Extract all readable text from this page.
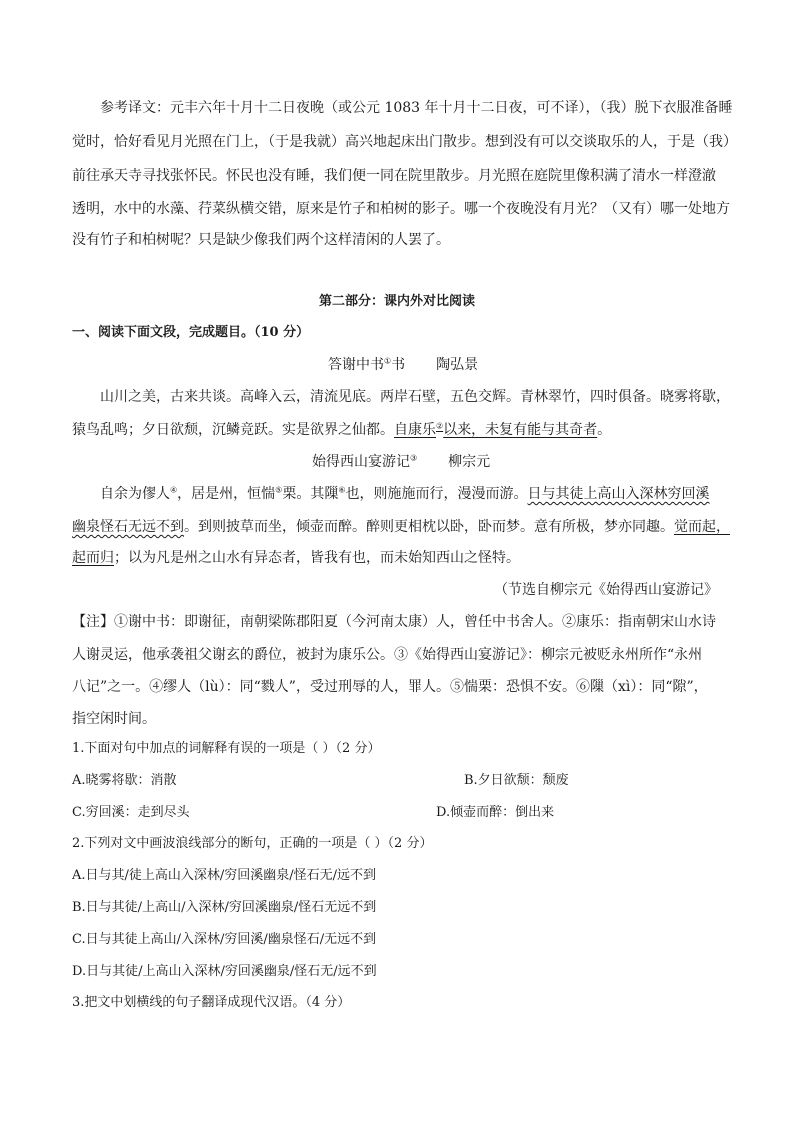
参考译文：元丰六年十月十二日夜晚（或公元 1083 年十月十二日夜，可不译），（我）脱下衣服准备睡
觉时，恰好看见月光照在门上，（于是我就）高兴地起床出门散步。想到没有可以交谈取乐的人，于是（我）
前往承天寺寻找张怀民。怀民也没有睡，我们便一同在院里散步。月光照在庭院里像积满了清水一样澄澈
透明，水中的水藻、荇菜纵横交错，原来是竹子和柏树的影子。哪一个夜晚没有月光？（又有）哪一处地方
没有竹子和柏树呢？只是缺少像我们两个这样清闲的人罢了。
第二部分：课内外对比阅读
一、阅读下面文段，完成题目。（10 分）
答谢中书①书 陶弘景
山川之美，古来共谈。高峰入云，清流见底。两岸石壁，五色交辉。青林翠竹，四时俱备。晓雾将歇，
猿鸟乱鸣；夕日欲颓，沉鳞竞跃。实是欲界之仙都。自康乐②以来，未复有能与其奇者。
始得西山宴游记③ 柳宗元
自余为僇人④，居是州，恒惴⑤栗。其隟⑥也，则施施而行，漫漫而游。日与其徒上高山入深林穷回溪
幽泉怪石无远不到。到则披草而坐，倾壶而醉。醉则更相枕以卧，卧而梦。意有所极，梦亦同趣。觉而起，
起而归；以为凡是州之山水有异态者，皆我有也，而未始知西山之怪特。
（节选自柳宗元《始得西山宴游记》
【注】①谢中书：即谢征，南朝梁陈郡阳夏（今河南太康）人，曾任中书舍人。②康乐：指南朝宋山水诗
人谢灵运，他承袭祖父谢玄的爵位，被封为康乐公。③《始得西山宴游记》：柳宗元被贬永州所作“永州
八记”之一。④缪人（lù）：同“戮人”，受过刑辱的人，罪人。⑤惴栗：恐惧不安。⑥隟（xì）：同“隙”，
指空闲时间。
1.下面对句中加点的词解释有误的一项是（ ）（2 分）
A.晓雾将歇：消散	B.夕日欲颓：颓废
C.穷回溪：走到尽头	D.倾壶而醉：倒出来
2.下列对文中画波浪线部分的断句，正确的一项是（ ）（2 分）
A.日与其/徒上高山入深林/穷回溪幽泉/怪石无/远不到
B.日与其徒/上高山/入深林/穷回溪幽泉/怪石无远不到
C.日与其徒上高山/入深林/穷回溪/幽泉怪石/无远不到
D.日与其徒/上高山入深林/穷回溪幽泉/怪石无/远不到
3.把文中划横线的句子翻译成现代汉语。（4 分）
